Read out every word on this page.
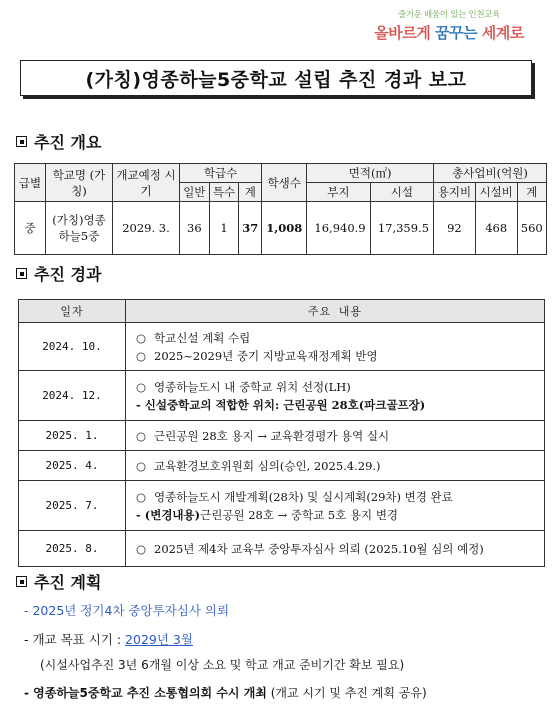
즐거운 배움이 있는 인천교육
올바르게 꿈꾸는 세계로
(가칭)영종하늘5중학교 설립 추진 경과 보고
추진 개요
급별	학교명 (가칭)	개교예정 시 기	학급수			학생수	면적(㎡)		총사업비(억원)		
			일반	특수	계		부지	시설	용지비	시설비	계
중	(가칭)영종하늘5중	2029. 3.	36	1	37	1,008	16,940.9	17,359.5	92	468	560
추진 경과
일자	주요 내용
2024. 10.	○ 학교신설 계획 수립
○ 2025~2029년 중기 지방교육재정계획 반영

2024. 12.	○ 영종하늘도시 내 중학교 위치 선정(LH)
- 신설중학교의 적합한 위치: 근린공원 28호(파크골프장)

2025. 1.	○ 근린공원 28호 용지 → 교육환경평가 용역 실시

2025. 4.	○ 교육환경보호위원회 심의(승인, 2025.4.29.)

2025. 7.	○ 영종하늘도시 개발계획(28차) 및 실시계획(29차) 변경 완료
- (변경내용) 근린공원 28호 → 중학교 5호 용지 변경

2025. 8.	○ 2025년 제4차 교육부 중앙투자심사 의뢰 (2025.10월 심의 예정)
추진 계획
- 2025년 정기4차 중앙투자심사 의뢰
- 개교 목표 시기 : 2029년 3월
(시설사업추진 3년 6개월 이상 소요 및 학교 개교 준비기간 확보 필요)
- 영종하늘5중학교 추진 소통협의회 수시 개최 (개교 시기 및 추진 계획 공유)
